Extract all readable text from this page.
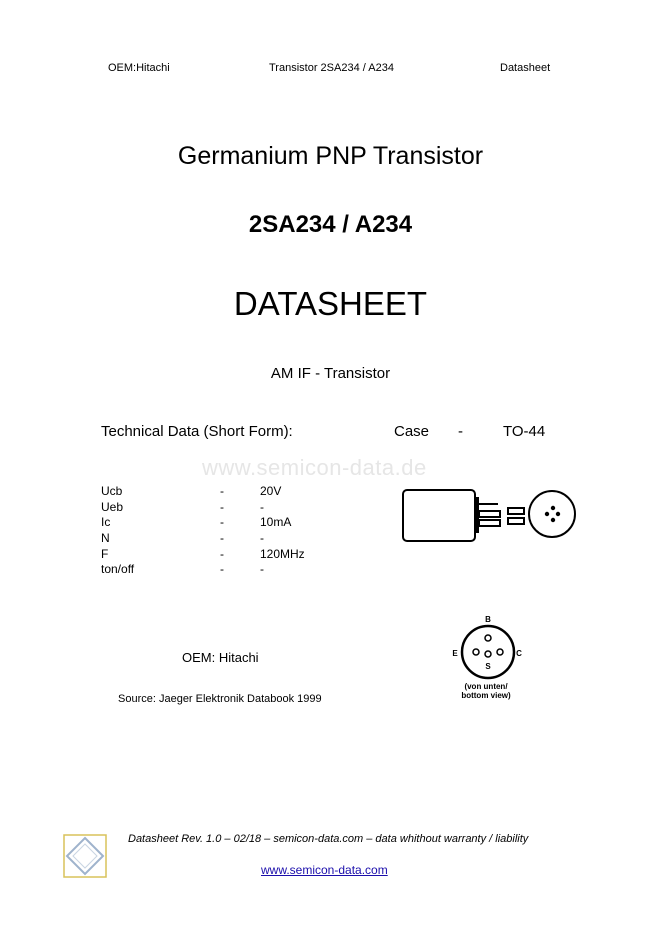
OEM:Hitachi	Transistor 2SA234 / A234	Datasheet
Germanium PNP Transistor
2SA234 / A234
DATASHEET
AM IF - Transistor
Technical Data (Short Form):	Case -	TO-44
www.semicon-data.de
Ucb	-	20V
Ueb	-	-
Ic	-	10mA
N	-	-
F	-	120MHz
ton/off	-	-
B
E	C
S
(von unten/
bottom view)
OEM: Hitachi
Source: Jaeger Elektronik Databook 1999
Datasheet Rev. 1.0 – 02/18 – semicon-data.com – data whithout warranty / liability
www.semicon-data.com
